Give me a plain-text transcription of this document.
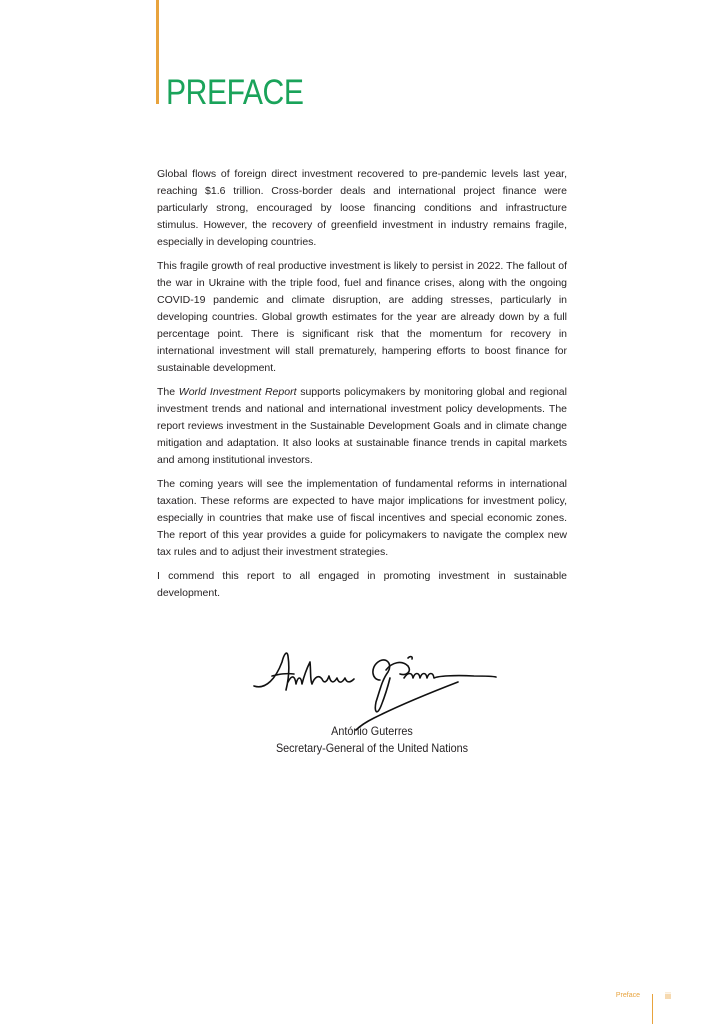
PREFACE

Global flows of foreign direct investment recovered to pre-pandemic levels last year, reaching $1.6 trillion. Cross-border deals and international project finance were particularly strong, encouraged by loose financing conditions and infrastructure stimulus. However, the recovery of greenfield investment in industry remains fragile, especially in developing countries.

This fragile growth of real productive investment is likely to persist in 2022. The fallout of the war in Ukraine with the triple food, fuel and finance crises, along with the ongoing COVID-19 pandemic and climate disruption, are adding stresses, particularly in developing countries. Global growth estimates for the year are already down by a full percentage point. There is significant risk that the momentum for recovery in international investment will stall prematurely, hampering efforts to boost finance for sustainable development.

The World Investment Report supports policymakers by monitoring global and regional investment trends and national and international investment policy developments. The report reviews investment in the Sustainable Development Goals and in climate change mitigation and adaptation. It also looks at sustainable finance trends in capital markets and among institutional investors.

The coming years will see the implementation of fundamental reforms in international taxation. These reforms are expected to have major implications for investment policy, especially in countries that make use of fiscal incentives and special economic zones. The report of this year provides a guide for policymakers to navigate the complex new tax rules and to adjust their investment strategies.

I commend this report to all engaged in promoting investment in sustainable development.

António Guterres
Secretary-General of the United Nations
Preface	iii
